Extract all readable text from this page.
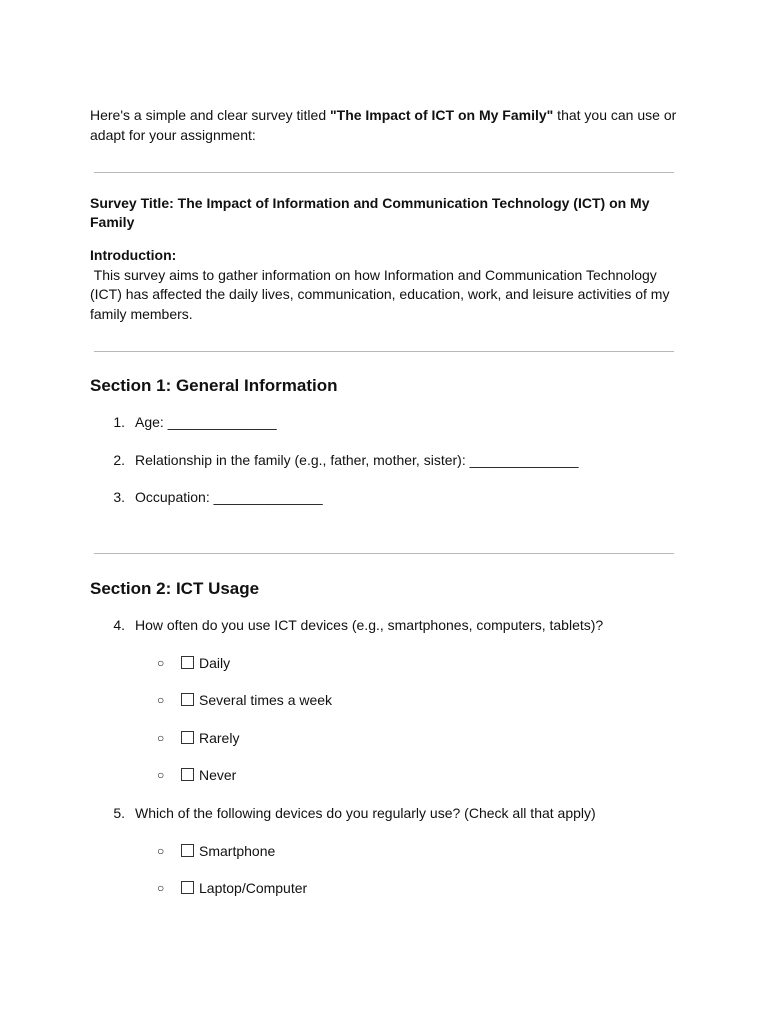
Here's a simple and clear survey titled "The Impact of ICT on My Family" that you can use or
adapt for your assignment:
Survey Title: The Impact of Information and Communication Technology (ICT) on My
Family
Introduction:
This survey aims to gather information on how Information and Communication Technology
(ICT) has affected the daily lives, communication, education, work, and leisure activities of my
family members.
Section 1: General Information
1. Age: ______________
2. Relationship in the family (e.g., father, mother, sister): ______________
3. Occupation: ______________
Section 2: ICT Usage
4. How often do you use ICT devices (e.g., smartphones, computers, tablets)?
○	Daily
○	Several times a week
○	Rarely
○	Never
5. Which of the following devices do you regularly use? (Check all that apply)
○	Smartphone
○	Laptop/Computer
